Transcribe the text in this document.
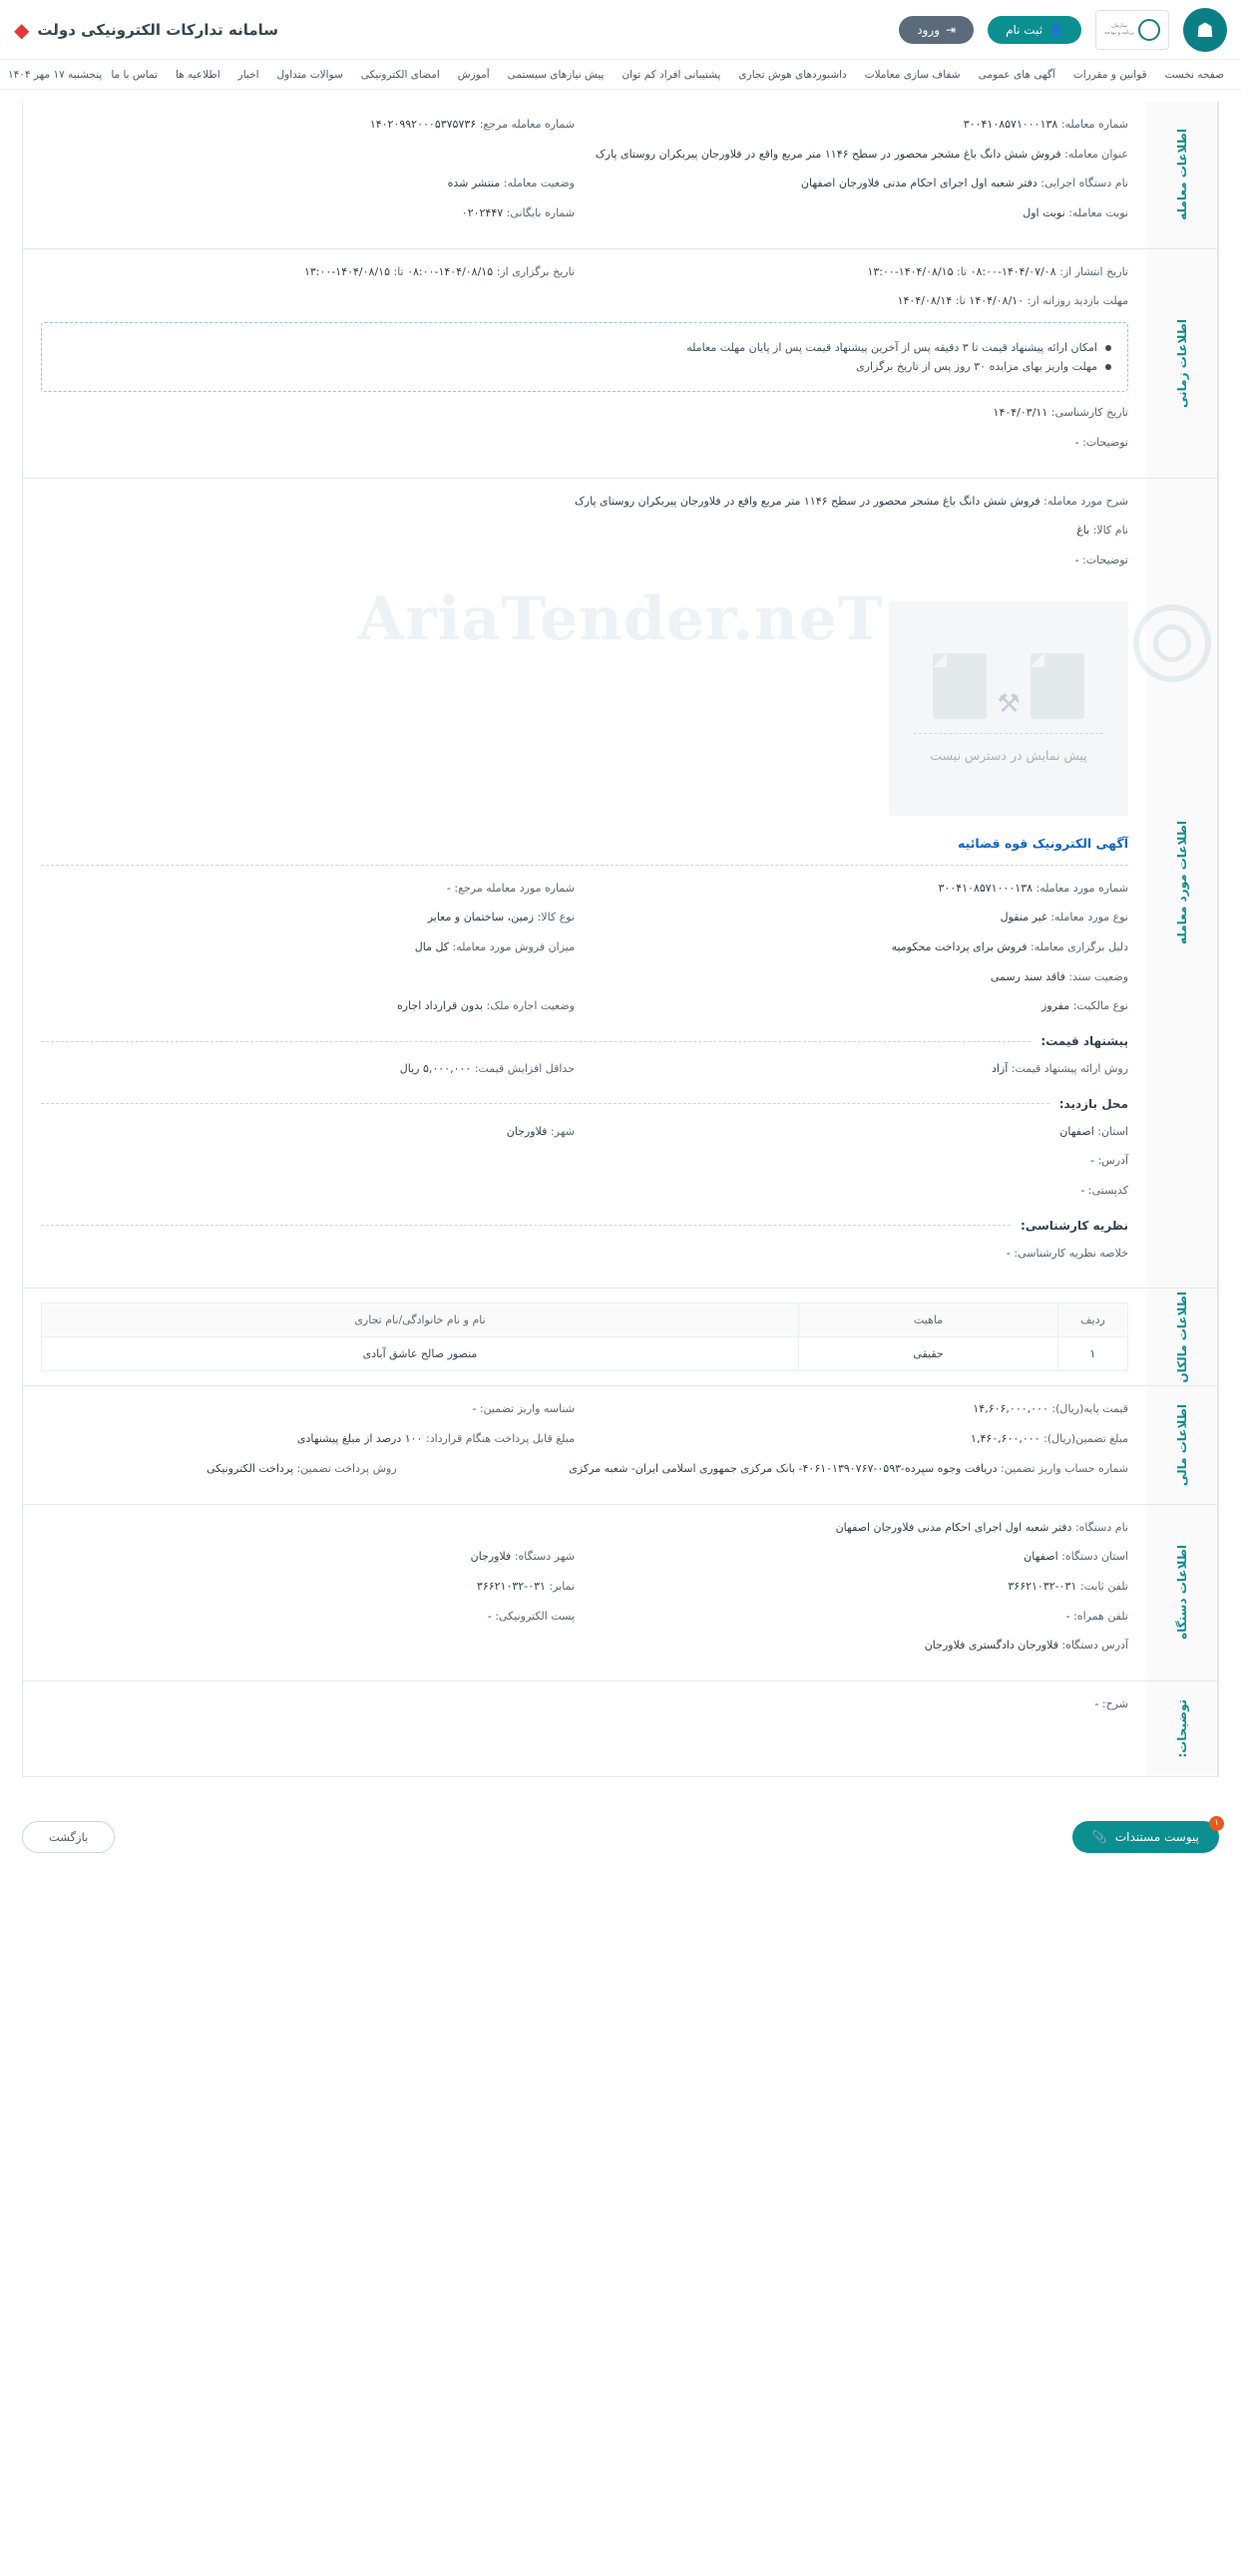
☗
سازمان
برنامه و بودجه
👤
ثبت نام
⇥
ورود
سامانه تدارکات الکترونیکی دولت
◆
صفحه نخست
قوانین و مقررات
آگهی های عمومی
شفاف سازی معاملات
داشبوردهای هوش تجاری
پشتیبانی افراد کم توان
پیش نیازهای سیستمی
آموزش
امضای الکترونیکی
سوالات متداول
اخبار
اطلاعیه ها
تماس با ما
پنجشنبه ۱۷ مهر ۱۴۰۴
اطلاعات معامله
شماره معامله: ۳۰۰۴۱۰۸۵۷۱۰۰۰۱۳۸
شماره معامله مرجع: ۱۴۰۲۰۹۹۲۰۰۰۵۳۷۵۷۳۶
عنوان معامله: فروش شش دانگ باغ مشجر محصور در سطح ۱۱۴۶ متر مربع واقع در فلاورجان پیربکران روستای پارک
نام دستگاه اجرایی: دفتر شعبه اول اجرای احکام مدنی فلاورجان اصفهان
وضعیت معامله: منتشر شده
نوبت معامله: نوبت اول
شماره بایگانی: ۰۲۰۲۴۴۷
اطلاعات زمانی
تاریخ انتشار از: ۱۴۰۴/۰۷/۰۸-۰۸:۰۰ تا: ۱۴۰۴/۰۸/۱۵-۱۳:۰۰
تاریخ برگزاری از: ۱۴۰۴/۰۸/۱۵-۰۸:۰۰ تا: ۱۴۰۴/۰۸/۱۵-۱۳:۰۰
مهلت بازدید روزانه از: ۱۴۰۴/۰۸/۱۰ تا: ۱۴۰۴/۰۸/۱۴
امکان ارائه پیشنهاد قیمت تا ۳ دقیقه پس از آخرین پیشنهاد قیمت پس از پایان مهلت معامله
مهلت واریز بهای مزایده ۳۰ روز پس از تاریخ برگزاری
تاریخ کارشناسی: ۱۴۰۴/۰۳/۱۱
توضیحات: -
اطلاعات مورد معامله
شرح مورد معامله: فروش شش دانگ باغ مشجر محصور در سطح ۱۱۴۶ متر مربع واقع در فلاورجان پیربکران روستای پارک
نام کالا: باغ
توضیحات: -
⚒
پیش نمایش در دسترس نیست
آگهی الکترونیک قوه قضائیه
شماره مورد معامله: ۳۰۰۴۱۰۸۵۷۱۰۰۰۱۳۸
شماره مورد معامله مرجع: -
نوع مورد معامله: غیر منقول
نوع کالا: زمین، ساختمان و معابر
دلیل برگزاری معامله: فروش برای پرداخت محکومیه
میزان فروش مورد معامله: کل مال
وضعیت سند: فاقد سند رسمی
نوع مالکیت: مفروز
وضعیت اجاره ملک: بدون قرارداد اجاره
پیشنهاد قیمت:
روش ارائه پیشنهاد قیمت: آزاد
حداقل افزایش قیمت: ۵,۰۰۰,۰۰۰ ریال
محل بازدید:
استان: اصفهان
شهر: فلاورجان
آدرس: -
کدپستی: -
نظریه کارشناسی:
خلاصه نظریه کارشناسی: -
اطلاعات مالکان
ردیف	ماهیت	نام و نام خانوادگی/نام تجاری
۱	حقیقی	منصور صالح عاشق آبادی
اطلاعات مالی
قیمت پایه(ریال): ۱۴,۶۰۶,۰۰۰,۰۰۰
شناسه واریز تضمین: -
مبلغ تضمین(ریال): ۱,۴۶۰,۶۰۰,۰۰۰
مبلغ قابل پرداخت هنگام قرارداد: ۱۰۰ درصد از مبلغ پیشنهادی
شماره حساب واریز تضمین: دریافت وجوه سپرده-۰۵۹۳-۴۰۶۱۰۱۳۹۰۷۶۷- بانک مرکزی جمهوری اسلامی ایران- شعبه مرکزی
روش پرداخت تضمین: پرداخت الکترونیکی
اطلاعات دستگاه
نام دستگاه: دفتر شعبه اول اجرای احکام مدنی فلاورجان اصفهان
استان دستگاه: اصفهان
شهر دستگاه: فلاورجان
تلفن ثابت: ۰۳۱-۳۶۶۲۱۰۳۲
نمابر: ۰۳۱-۳۶۶۲۱۰۳۲
تلفن همراه: -
پست الکترونیکی: -
آدرس دستگاه: فلاورجان دادگستری فلاورجان
توضیحات:
شرح: -
۱
پیوست مستندات
📎
بازگشت
